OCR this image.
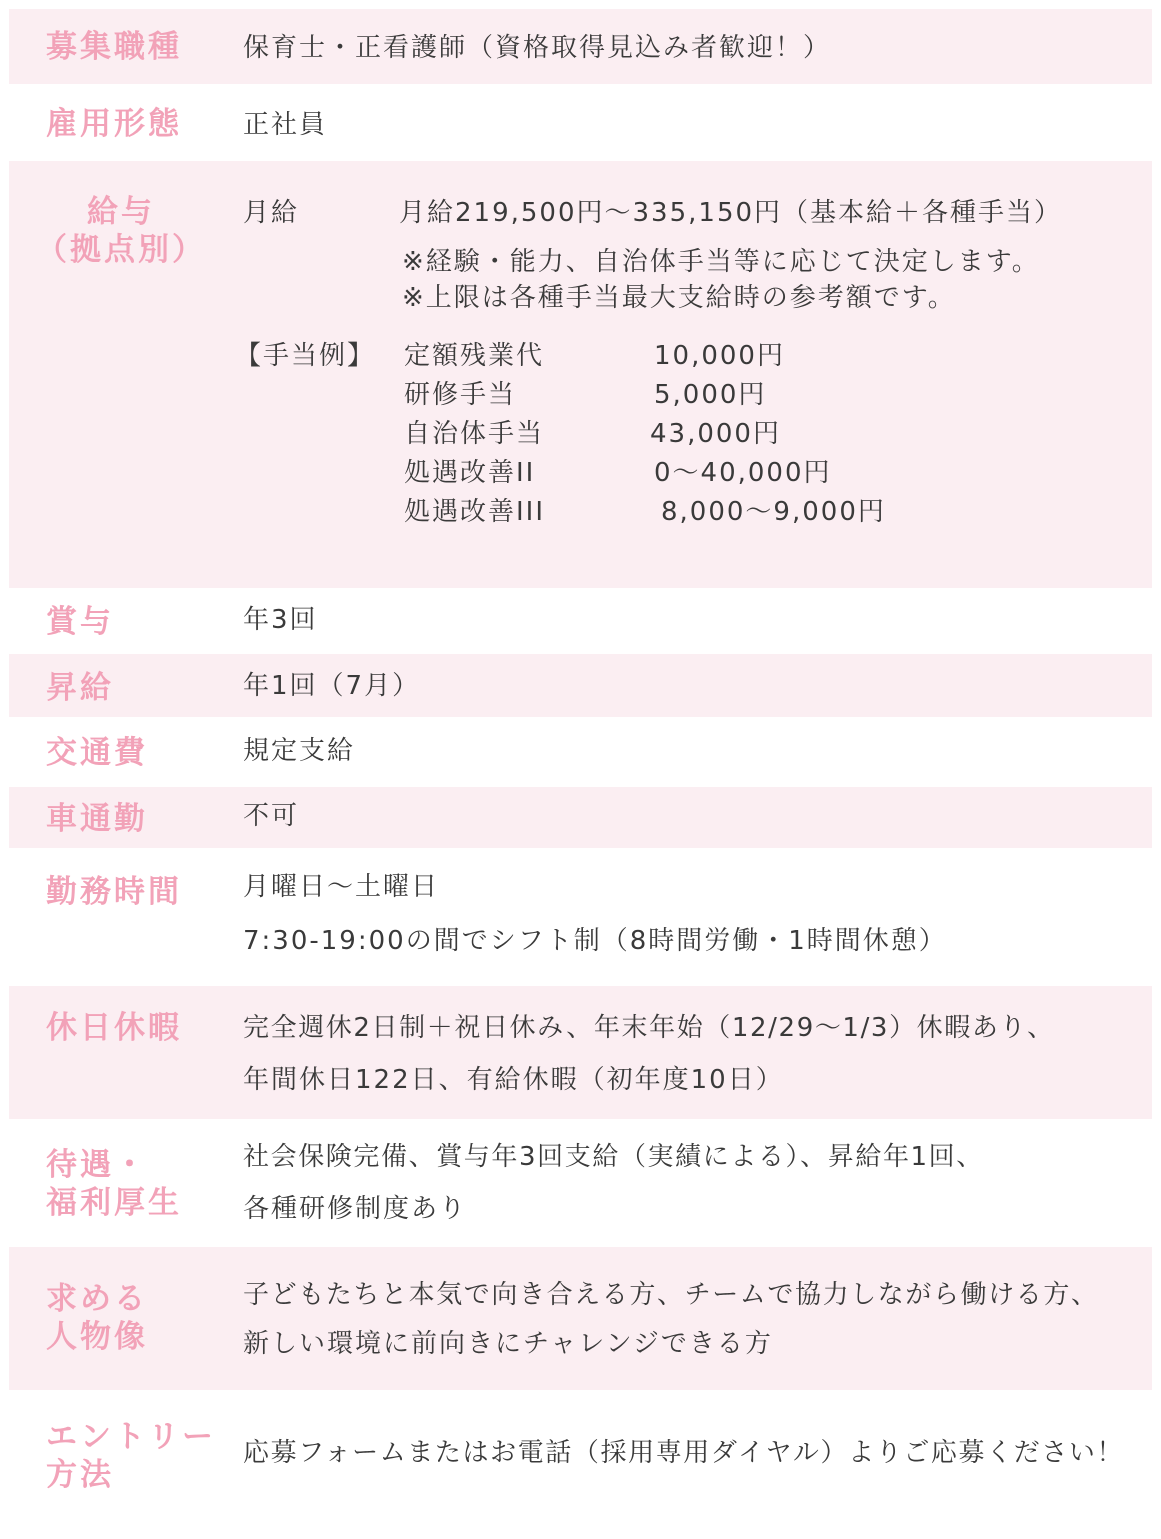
募集職種 保育士・正看護師（資格取得見込み者歓迎！）
雇用形態 正社員
給与
（拠点別）
月給	月給219,500円〜335,150円（基本給＋各種手当）
※経験・能力、自治体手当等に応じて決定します。
※上限は各種手当最大支給時の参考額です。
【手当例】 定額残業代	10,000円
研修手当	5,000円
自治体手当	43,000円
処遇改善II	0〜40,000円
処遇改善III	8,000〜9,000円
賞与	年3回
昇給	年1回（7月）
交通費	規定支給
車通勤	不可
勤務時間 月曜日〜土曜日
7:30-19:00の間でシフト制（8時間労働・1時間休憩）
休日休暇 完全週休2日制＋祝日休み、年末年始（12/29〜1/3）休暇あり、
年間休日122日、有給休暇（初年度10日）
待遇・
福利厚生
社会保険完備、賞与年3回支給（実績による）、昇給年1回、
各種研修制度あり
求める
人物像
子どもたちと本気で向き合える方、チームで協力しながら働ける方、
新しい環境に前向きにチャレンジできる方
エントリー
方法
応募フォームまたはお電話（採用専用ダイヤル）よりご応募ください！
